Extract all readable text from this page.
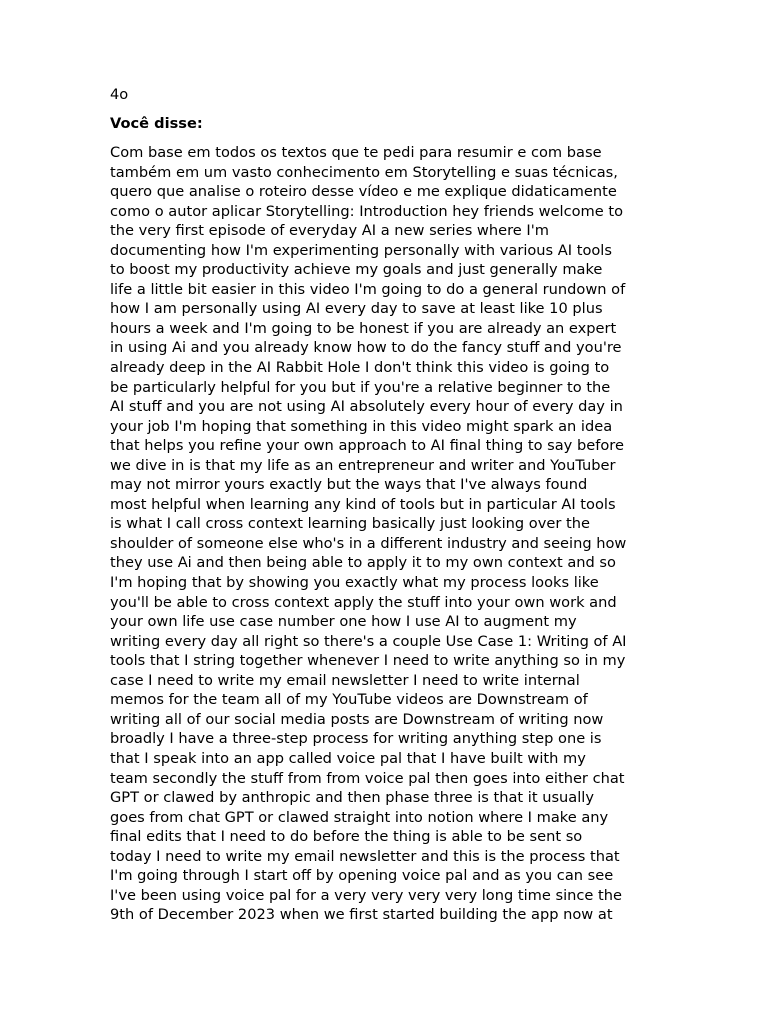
4o
Você disse:
Com base em todos os textos que te pedi para resumir e com base
também em um vasto conhecimento em Storytelling e suas técnicas,
quero que analise o roteiro desse vídeo e me explique didaticamente
como o autor aplicar Storytelling: Introduction hey friends welcome to
the very first episode of everyday AI a new series where I'm
documenting how I'm experimenting personally with various AI tools
to boost my productivity achieve my goals and just generally make
life a little bit easier in this video I'm going to do a general rundown of
how I am personally using AI every day to save at least like 10 plus
hours a week and I'm going to be honest if you are already an expert
in using Ai and you already know how to do the fancy stuff and you're
already deep in the AI Rabbit Hole I don't think this video is going to
be particularly helpful for you but if you're a relative beginner to the
AI stuff and you are not using AI absolutely every hour of every day in
your job I'm hoping that something in this video might spark an idea
that helps you refine your own approach to AI final thing to say before
we dive in is that my life as an entrepreneur and writer and YouTuber
may not mirror yours exactly but the ways that I've always found
most helpful when learning any kind of tools but in particular AI tools
is what I call cross context learning basically just looking over the
shoulder of someone else who's in a different industry and seeing how
they use Ai and then being able to apply it to my own context and so
I'm hoping that by showing you exactly what my process looks like
you'll be able to cross context apply the stuff into your own work and
your own life use case number one how I use AI to augment my
writing every day all right so there's a couple Use Case 1: Writing of AI
tools that I string together whenever I need to write anything so in my
case I need to write my email newsletter I need to write internal
memos for the team all of my YouTube videos are Downstream of
writing all of our social media posts are Downstream of writing now
broadly I have a three-step process for writing anything step one is
that I speak into an app called voice pal that I have built with my
team secondly the stuff from from voice pal then goes into either chat
GPT or clawed by anthropic and then phase three is that it usually
goes from chat GPT or clawed straight into notion where I make any
final edits that I need to do before the thing is able to be sent so
today I need to write my email newsletter and this is the process that
I'm going through I start off by opening voice pal and as you can see
I've been using voice pal for a very very very very long time since the
9th of December 2023 when we first started building the app now at
